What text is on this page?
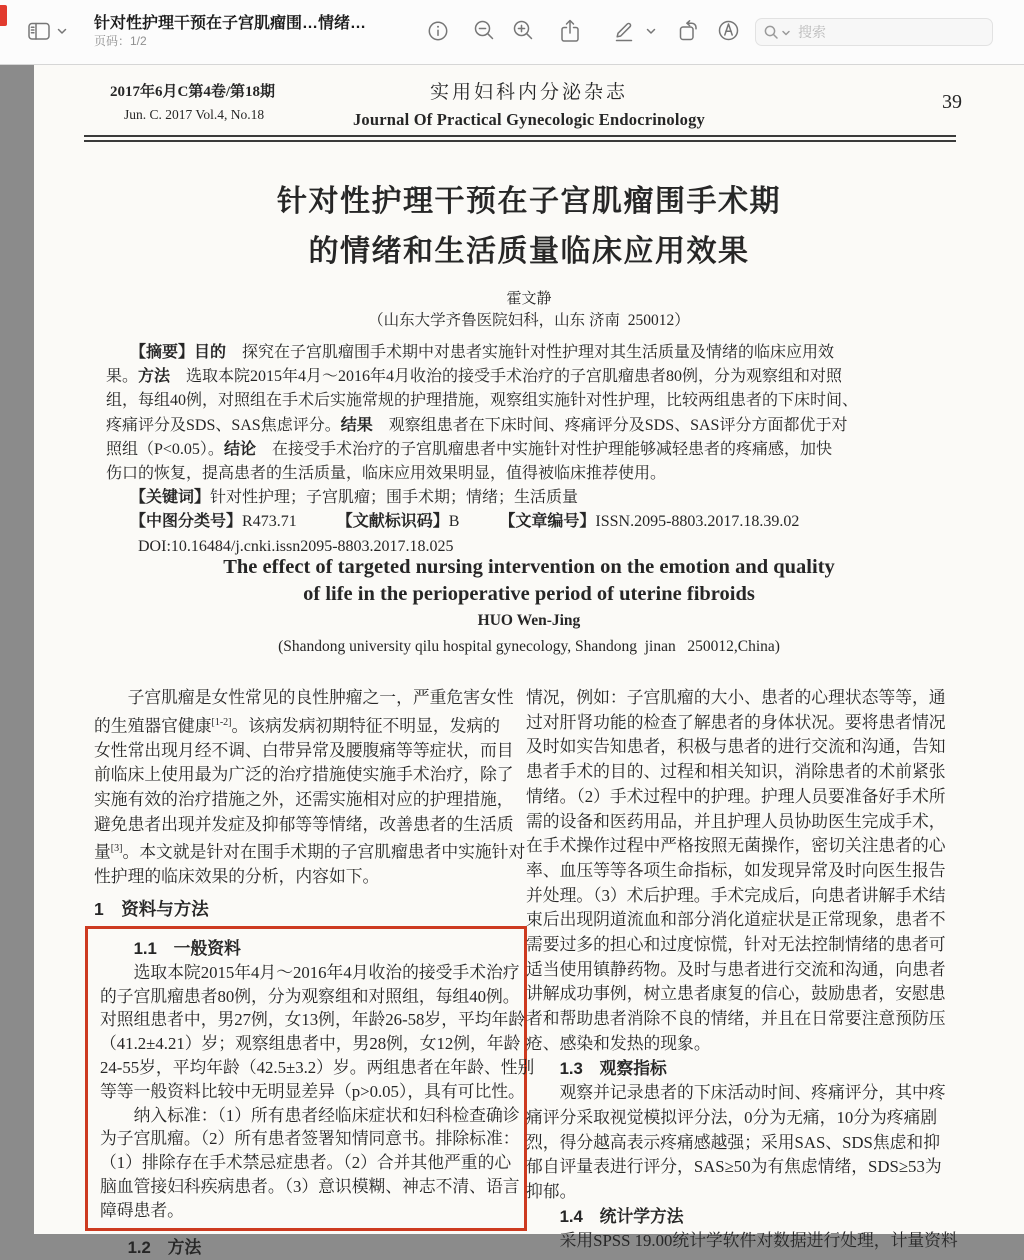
针对性护理干预在子宫肌瘤围…情绪…
页码：1/2
搜索
2017年6月C第4卷/第18期
Jun. C. 2017 Vol.4, No.18
实用妇科内分泌杂志
Journal Of Practical Gynecologic Endocrinology
39
针对性护理干预在子宫肌瘤围手术期
的情绪和生活质量临床应用效果
霍文静
（山东大学齐鲁医院妇科，山东 济南  250012）
　　【摘要】目的　探究在子宫肌瘤围手术期中对患者实施针对性护理对其生活质量及情绪的临床应用效
果。方法　选取本院2015年4月～2016年4月收治的接受手术治疗的子宫肌瘤患者80例，分为观察组和对照
组，每组40例，对照组在手术后实施常规的护理措施，观察组实施针对性护理，比较两组患者的下床时间、
疼痛评分及SDS、SAS焦虑评分。结果　观察组患者在下床时间、疼痛评分及SDS、SAS评分方面都优于对
照组（P<0.05）。结论　在接受手术治疗的子宫肌瘤患者中实施针对性护理能够减轻患者的疼痛感，加快
伤口的恢复，提高患者的生活质量，临床应用效果明显，值得被临床推荐使用。
　　【关键词】针对性护理；子宫肌瘤；围手术期；情绪；生活质量
　　【中图分类号】R473.71　　　【文献标识码】B　　　【文章编号】ISSN.2095-8803.2017.18.39.02
　　DOI:10.16484/j.cnki.issn2095-8803.2017.18.025
The effect of targeted nursing intervention on the emotion and quality
of life in the perioperative period of uterine fibroids
HUO Wen-Jing
(Shandong university qilu hospital gynecology, Shandong  jinan   250012,China)
　　子宫肌瘤是女性常见的良性肿瘤之一，严重危害女性
的生殖器官健康[1-2]。该病发病初期特征不明显，发病的
女性常出现月经不调、白带异常及腰腹痛等等症状，而目
前临床上使用最为广泛的治疗措施使实施手术治疗，除了
实施有效的治疗措施之外，还需实施相对应的护理措施，
避免患者出现并发症及抑郁等等情绪，改善患者的生活质
量[3]。本文就是针对在围手术期的子宫肌瘤患者中实施针对
性护理的临床效果的分析，内容如下。
1　资料与方法
　　1.1　一般资料
　　选取本院2015年4月～2016年4月收治的接受手术治疗
的子宫肌瘤患者80例，分为观察组和对照组，每组40例。
对照组患者中，男27例，女13例，年龄26-58岁，平均年龄
（41.2±4.21）岁；观察组患者中，男28例，女12例，年龄
24-55岁，平均年龄（42.5±3.2）岁。两组患者在年龄、性别
等等一般资料比较中无明显差异（p>0.05），具有可比性。
　　纳入标准：（1）所有患者经临床症状和妇科检查确诊
为子宫肌瘤。（2）所有患者签署知情同意书。排除标准：
（1）排除存在手术禁忌症患者。（2）合并其他严重的心
脑血管接妇科疾病患者。（3）意识模糊、神志不清、语言
障碍患者。
　　1.2　方法
情况，例如：子宫肌瘤的大小、患者的心理状态等等，通
过对肝肾功能的检查了解患者的身体状况。要将患者情况
及时如实告知患者，积极与患者的进行交流和沟通，告知
患者手术的目的、过程和相关知识，消除患者的术前紧张
情绪。（2）手术过程中的护理。护理人员要准备好手术所
需的设备和医药用品，并且护理人员协助医生完成手术，
在手术操作过程中严格按照无菌操作，密切关注患者的心
率、血压等等各项生命指标，如发现异常及时向医生报告
并处理。（3）术后护理。手术完成后，向患者讲解手术结
束后出现阴道流血和部分消化道症状是正常现象，患者不
需要过多的担心和过度惊慌，针对无法控制情绪的患者可
适当使用镇静药物。及时与患者进行交流和沟通，向患者
讲解成功事例，树立患者康复的信心，鼓励患者，安慰患
者和帮助患者消除不良的情绪，并且在日常要注意预防压
疮、感染和发热的现象。
　　1.3　观察指标
　　观察并记录患者的下床活动时间、疼痛评分，其中疼
痛评分采取视觉模拟评分法，0分为无痛，10分为疼痛剧
烈，得分越高表示疼痛感越强；采用SAS、SDS焦虑和抑
郁自评量表进行评分，SAS≥50为有焦虑情绪，SDS≥53为
抑郁。
　　1.4　统计学方法
　　采用SPSS 19.00统计学软件对数据进行处理，计量资料
